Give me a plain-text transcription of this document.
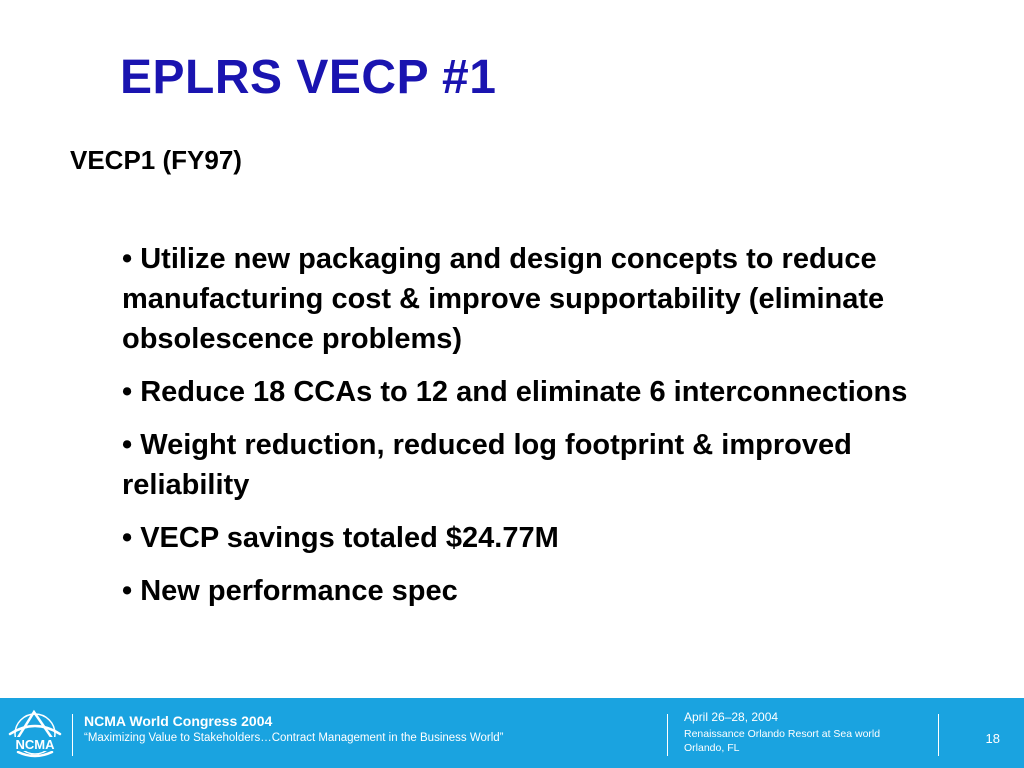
EPLRS VECP #1
VECP1 (FY97)
• Utilize new packaging and design concepts to reduce manufacturing cost & improve supportability (eliminate obsolescence problems)
• Reduce 18 CCAs to 12 and eliminate 6 interconnections
• Weight reduction, reduced log footprint & improved reliability
• VECP savings totaled $24.77M
• New performance spec
NCMA
NCMA World Congress 2004
“Maximizing Value to Stakeholders…Contract Management in the Business World”
April 26–28, 2004
Renaissance Orlando Resort at Sea world
Orlando, FL
18
